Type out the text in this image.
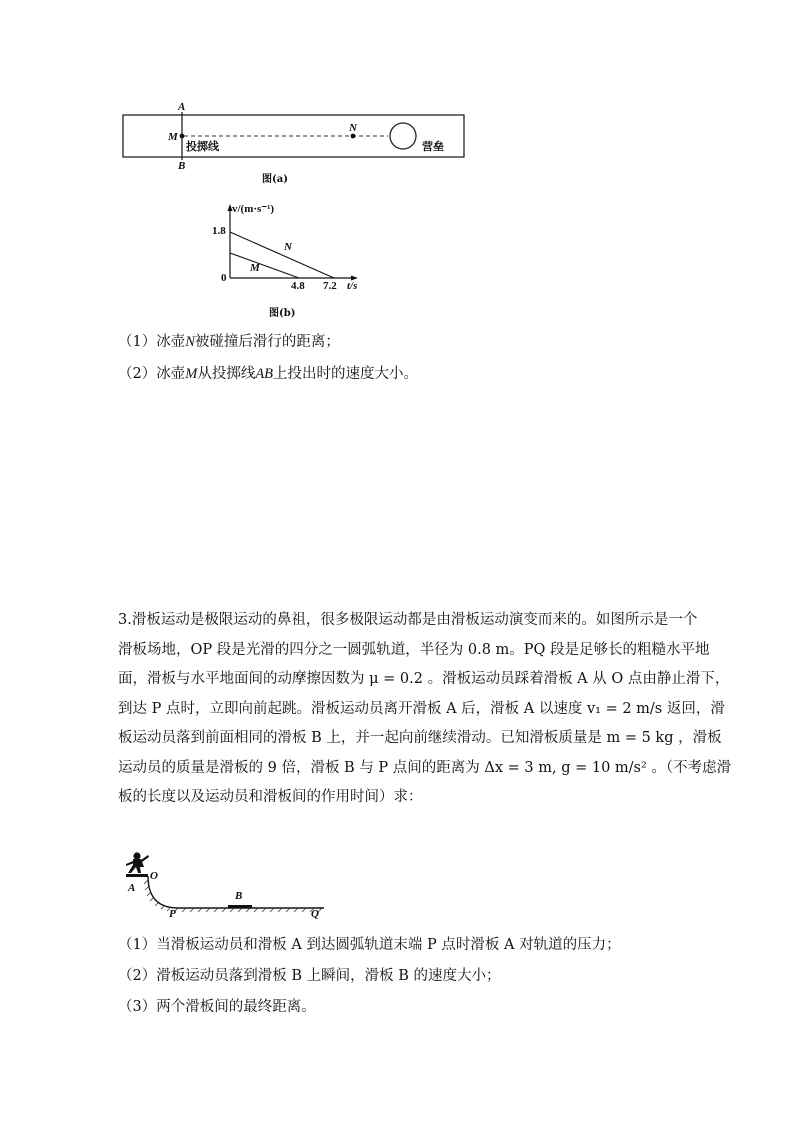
A
B
M
N
投掷线	营垒
图(a)
v/(m·s⁻¹)
1.8
0
4.8 7.2 t/s
N
M
图(b)
（1）冰壶N被碰撞后滑行的距离；
（2）冰壶M从投掷线AB上投出时的速度大小。
3.滑板运动是极限运动的鼻祖，很多极限运动都是由滑板运动演变而来的。如图所示是一个
滑板场地，OP 段是光滑的四分之一圆弧轨道，半径为 0.8 m。PQ 段是足够长的粗糙水平地
面，滑板与水平地面间的动摩擦因数为 μ = 0.2 。滑板运动员踩着滑板 A 从 O 点由静止滑下，
到达 P 点时，立即向前起跳。滑板运动员离开滑板 A 后，滑板 A 以速度 v₁ = 2 m/s 返回，滑
板运动员落到前面相同的滑板 B 上，并一起向前继续滑动。已知滑板质量是 m = 5 kg ，滑板
运动员的质量是滑板的 9 倍，滑板 B 与 P 点间的距离为 Δx = 3 m, g = 10 m/s² 。（不考虑滑
板的长度以及运动员和滑板间的作用时间）求：
O
A
B
P	Q
（1）当滑板运动员和滑板 A 到达圆弧轨道末端 P 点时滑板 A 对轨道的压力；
（2）滑板运动员落到滑板 B 上瞬间，滑板 B 的速度大小；
（3）两个滑板间的最终距离。
